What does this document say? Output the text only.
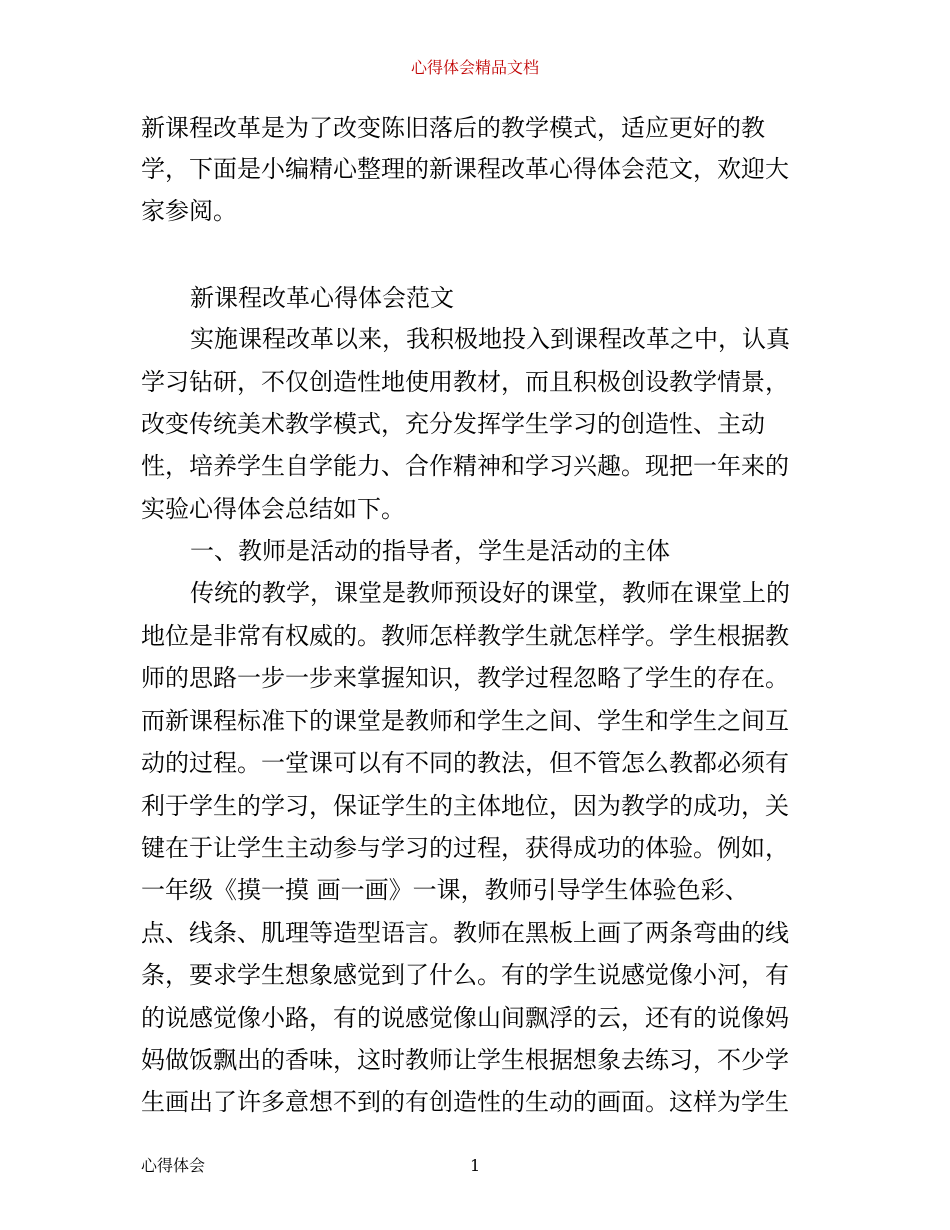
心得体会精品文档
新课程改革是为了改变陈旧落后的教学模式，适应更好的教
学，下面是小编精心整理的新课程改革心得体会范文，欢迎大
家参阅。
新课程改革心得体会范文
实施课程改革以来，我积极地投入到课程改革之中，认真
学习钻研，不仅创造性地使用教材，而且积极创设教学情景，
改变传统美术教学模式，充分发挥学生学习的创造性、主动
性，培养学生自学能力、合作精神和学习兴趣。现把一年来的
实验心得体会总结如下。
一、教师是活动的指导者，学生是活动的主体
传统的教学，课堂是教师预设好的课堂，教师在课堂上的
地位是非常有权威的。教师怎样教学生就怎样学。学生根据教
师的思路一步一步来掌握知识，教学过程忽略了学生的存在。
而新课程标准下的课堂是教师和学生之间、学生和学生之间互
动的过程。一堂课可以有不同的教法，但不管怎么教都必须有
利于学生的学习，保证学生的主体地位，因为教学的成功，关
键在于让学生主动参与学习的过程，获得成功的体验。例如，
一年级《摸一摸 画一画》一课，教师引导学生体验色彩、
点、线条、肌理等造型语言。教师在黑板上画了两条弯曲的线
条，要求学生想象感觉到了什么。有的学生说感觉像小河，有
的说感觉像小路，有的说感觉像山间飘浮的云，还有的说像妈
妈做饭飘出的香味，这时教师让学生根据想象去练习，不少学
生画出了许多意想不到的有创造性的生动的画面。这样为学生
心得体会	1
